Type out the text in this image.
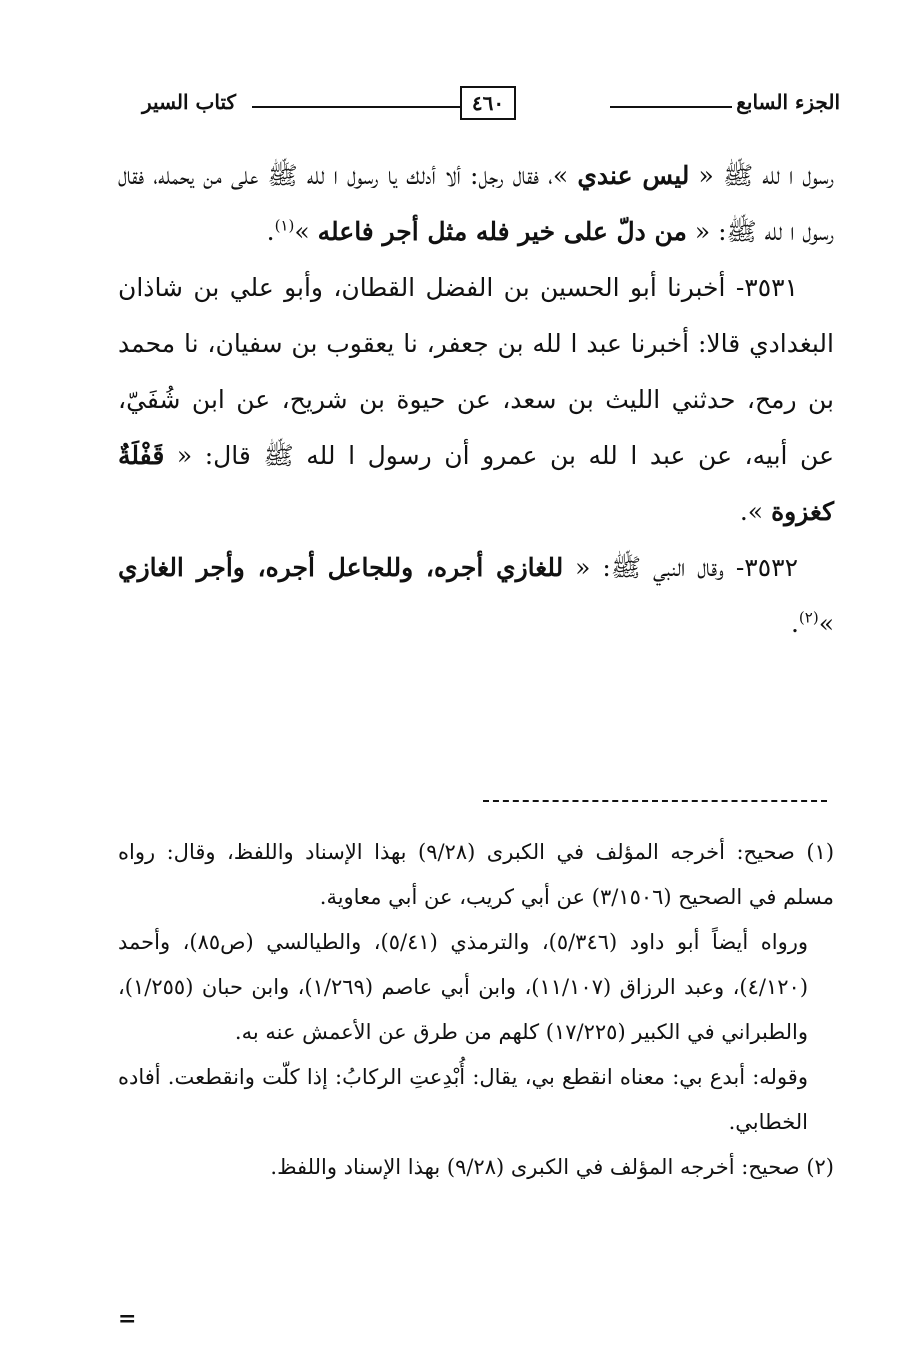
الجزء السابع
٤٦٠
كتاب السير

رسول ا لله ﷺ « ليس عندي »، فقال رجل: ألا أدلك يا رسول ا لله ﷺ على من يحمله، فقال رسول ا لله ﷺ: « من دلّ على خير فله مثل أجر فاعله »$^{(١)}$.

٣٥٣١- أخبرنا أبو الحسين بن الفضل القطان، وأبو علي بن شاذان البغدادي قالا: أخبرنا عبد ا لله بن جعفر، نا يعقوب بن سفيان، نا محمد بن رمح، حدثني الليث بن سعد، عن حيوة بن شريح، عن ابن شُفَيّ، عن أبيه، عن عبد ا لله بن عمرو أن رسول ا لله ﷺ قال: « قَفْلَةٌ كغزوة ».

٣٥٣٢- وقال النبي ﷺ: « للغازي أجره، وللجاعل أجره، وأجر الغازي »$^{(٢)}$.

(١) صحيح: أخرجه المؤلف في الكبرى (٩/٢٨) بهذا الإسناد واللفظ، وقال: رواه مسلم في الصحيح (٣/١٥٠٦) عن أبي كريب، عن أبي معاوية.

ورواه أيضاً أبو داود (٥/٣٤٦)، والترمذي (٥/٤١)، والطيالسي (ص٨٥)، وأحمد (٤/١٢٠)، وعبد الرزاق (١١/١٠٧)، وابن أبي عاصم (١/٢٦٩)، وابن حبان (١/٢٥٥)، والطبراني في الكبير (١٧/٢٢٥) كلهم من طرق عن الأعمش عنه به.

وقوله: أبدع بي: معناه انقطع بي، يقال: أُبْدِعتِ الركابُ: إذا كلّت وانقطعت. أفاده الخطابي.

(٢) صحيح: أخرجه المؤلف في الكبرى (٩/٢٨) بهذا الإسناد واللفظ.

=
